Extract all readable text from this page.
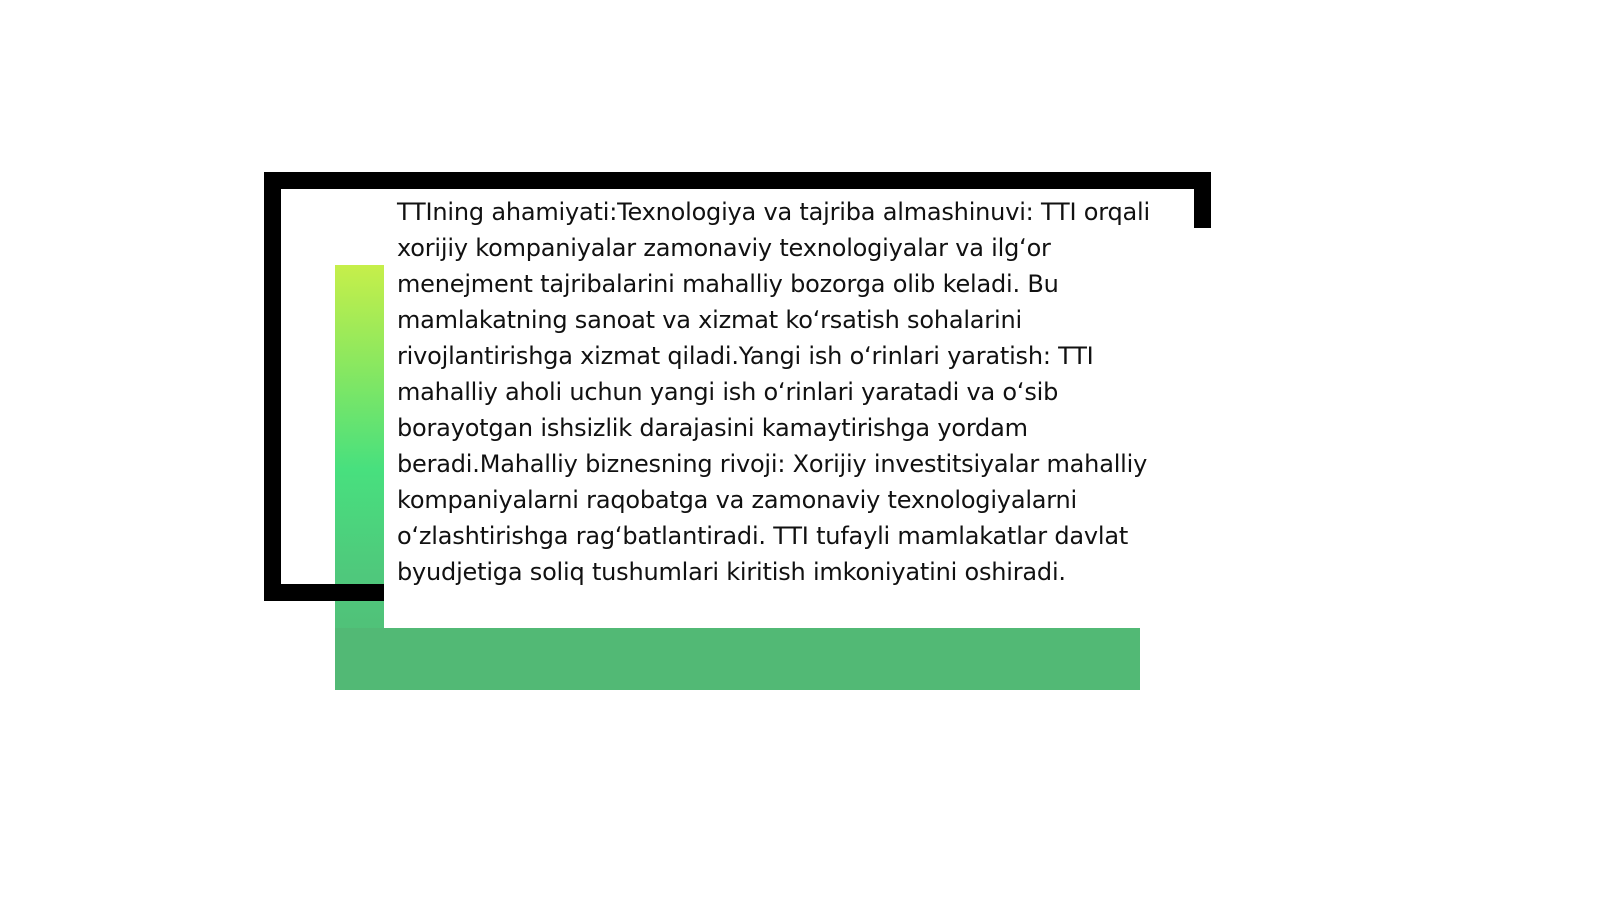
TTIning ahamiyati:Texnologiya va tajriba almashinuvi: TTI orqali xorijiy kompaniyalar zamonaviy texnologiyalar va ilgʻor menejment tajribalarini mahalliy bozorga olib keladi. Bu mamlakatning sanoat va xizmat koʻrsatish sohalarini rivojlantirishga xizmat qiladi.Yangi ish oʻrinlari yaratish: TTI mahalliy aholi uchun yangi ish oʻrinlari yaratadi va oʻsib borayotgan ishsizlik darajasini kamaytirishga yordam beradi.Mahalliy biznesning rivoji: Xorijiy investitsiyalar mahalliy kompaniyalarni raqobatga va zamonaviy texnologiyalarni oʻzlashtirishga ragʻbatlantiradi. TTI tufayli mamlakatlar davlat byudjetiga soliq tushumlari kiritish imkoniyatini oshiradi.
